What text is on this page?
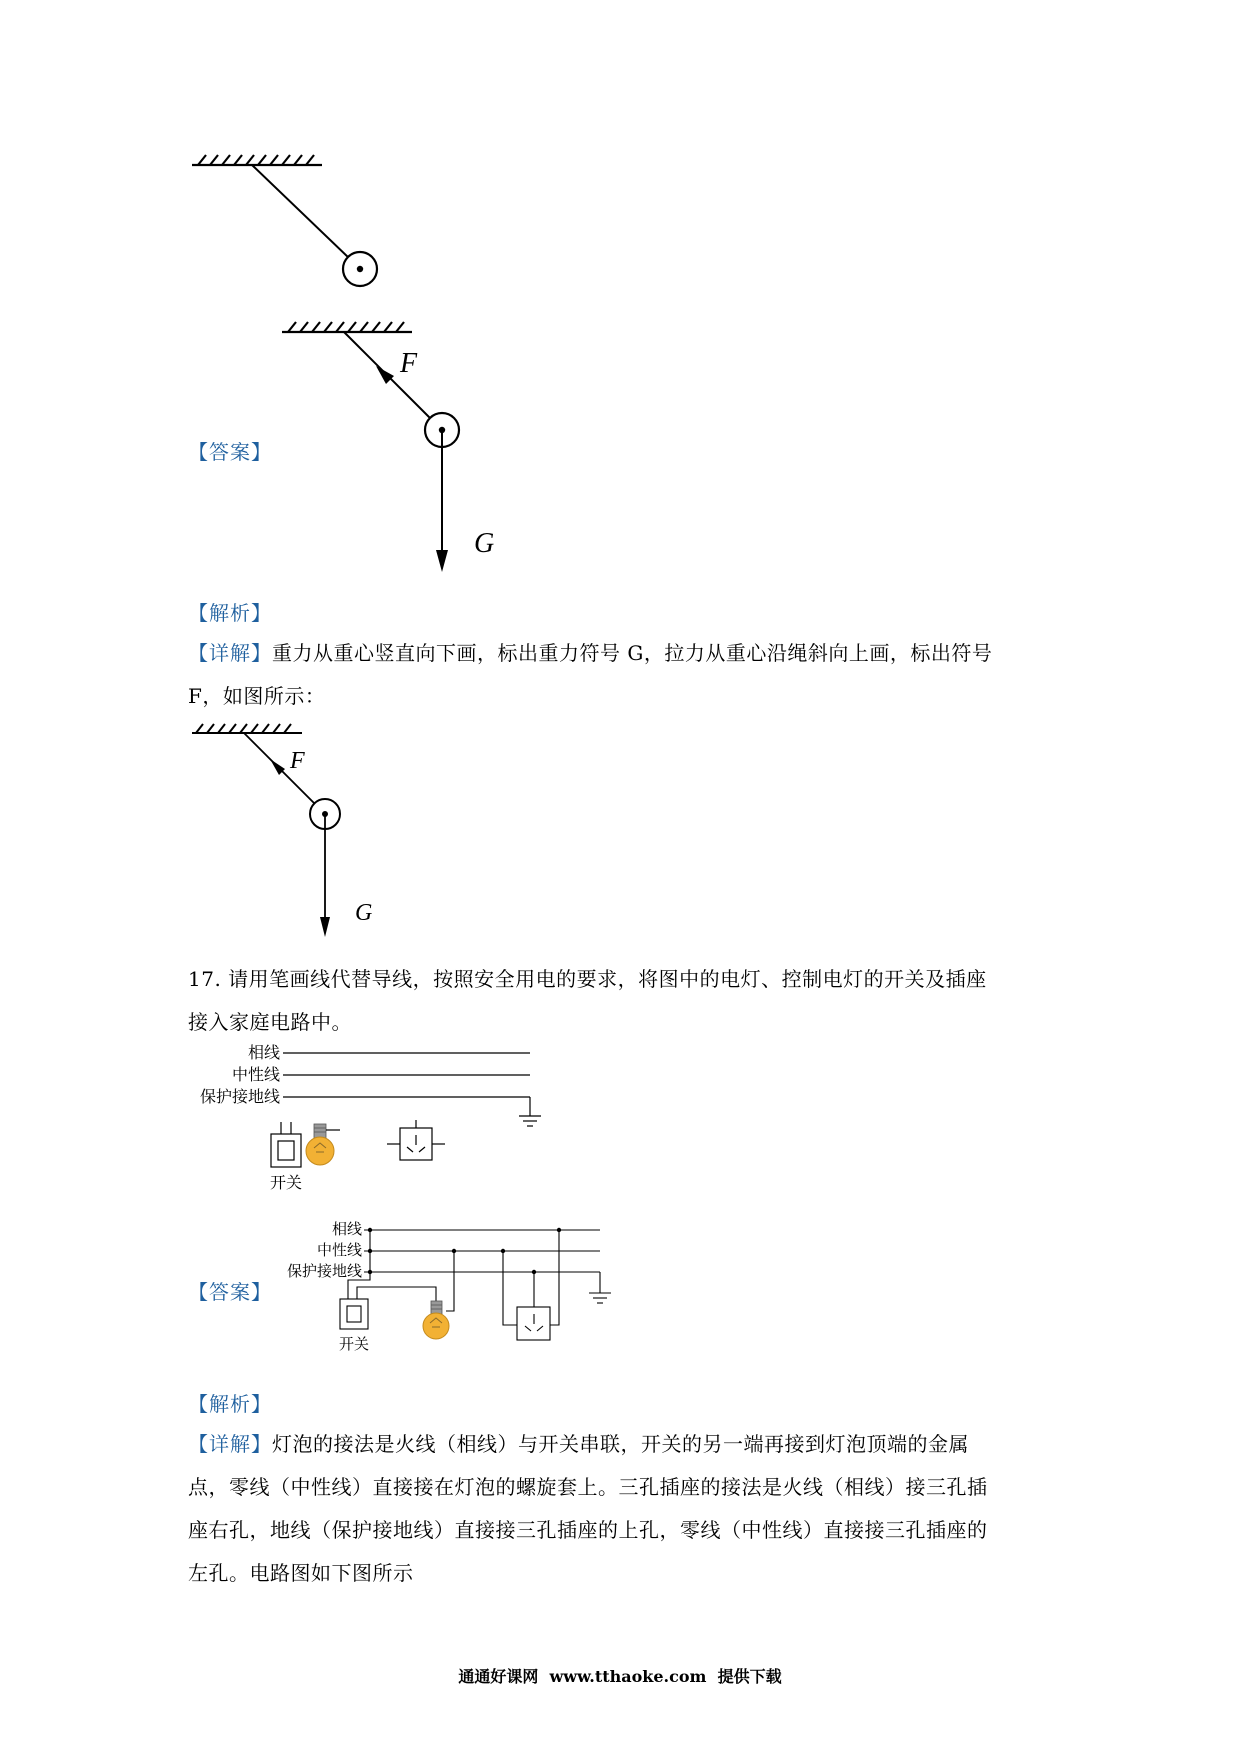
【答案】
F
G
【解析】
【详解】重力从重心竖直向下画，标出重力符号 G，拉力从重心沿绳斜向上画，标出符号
F，如图所示：
F
G
17. 请用笔画线代替导线，按照安全用电的要求，将图中的电灯、控制电灯的开关及插座
接入家庭电路中。
相线
中性线
保护接地线
开关
【答案】
相线
中性线
保护接地线
开关
【解析】
【详解】灯泡的接法是火线（相线）与开关串联，开关的另一端再接到灯泡顶端的金属
点，零线（中性线）直接接在灯泡的螺旋套上。三孔插座的接法是火线（相线）接三孔插
座右孔，地线（保护接地线）直接接三孔插座的上孔，零线（中性线）直接接三孔插座的
左孔。电路图如下图所示
通通好课网  www.tthaoke.com  提供下载
